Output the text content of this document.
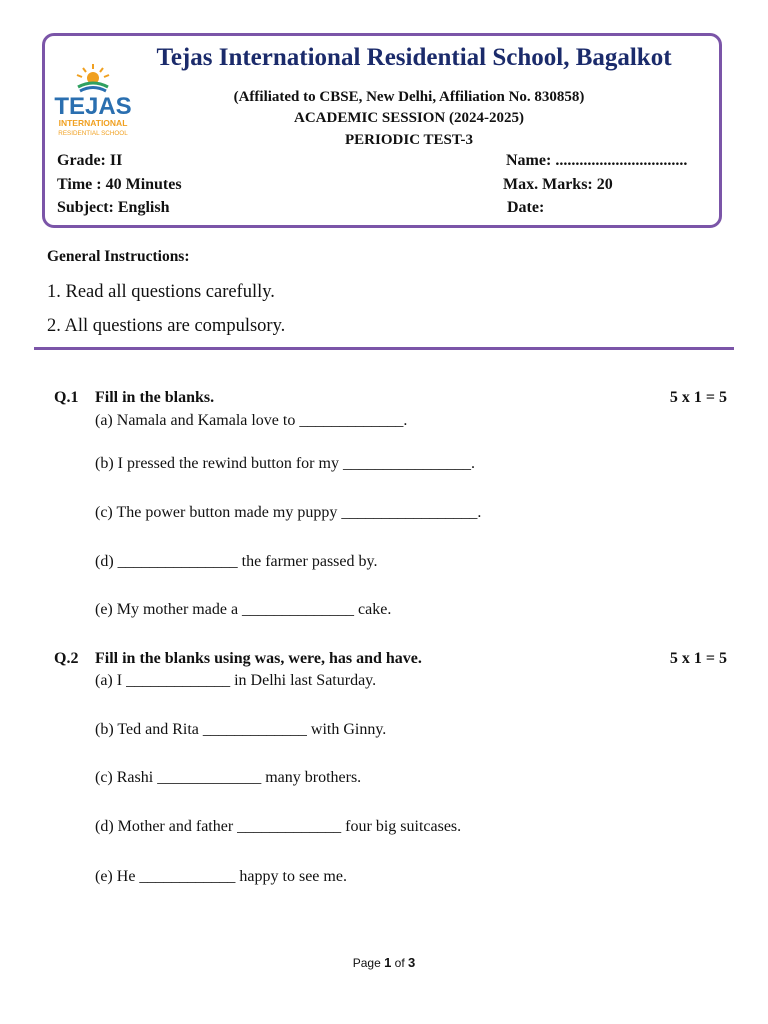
TEJAS
INTERNATIONAL
RESIDENTIAL SCHOOL
Tejas International Residential School, Bagalkot
(Affiliated to CBSE, New Delhi, Affiliation No. 830858)
ACADEMIC SESSION (2024-2025)
PERIODIC TEST-3
Grade: II
Time : 40 Minutes
Subject: English
Name: .................................
Max. Marks: 20
Date:
General Instructions:
1. Read all questions carefully.
2. All questions are compulsory.
Q.1 Fill in the blanks.	5 x 1 = 5
(a) Namala and Kamala love to _____________.
(b) I pressed the rewind button for my ________________.
(c) The power button made my puppy _________________.
(d) _______________ the farmer passed by.
(e) My mother made a ______________ cake.
Q.2 Fill in the blanks using was, were, has and have.	5 x 1 = 5
(a) I _____________ in Delhi last Saturday.
(b) Ted and Rita _____________ with Ginny.
(c) Rashi _____________ many brothers.
(d) Mother and father _____________ four big suitcases.
(e) He ____________ happy to see me.
Page 1 of 3
